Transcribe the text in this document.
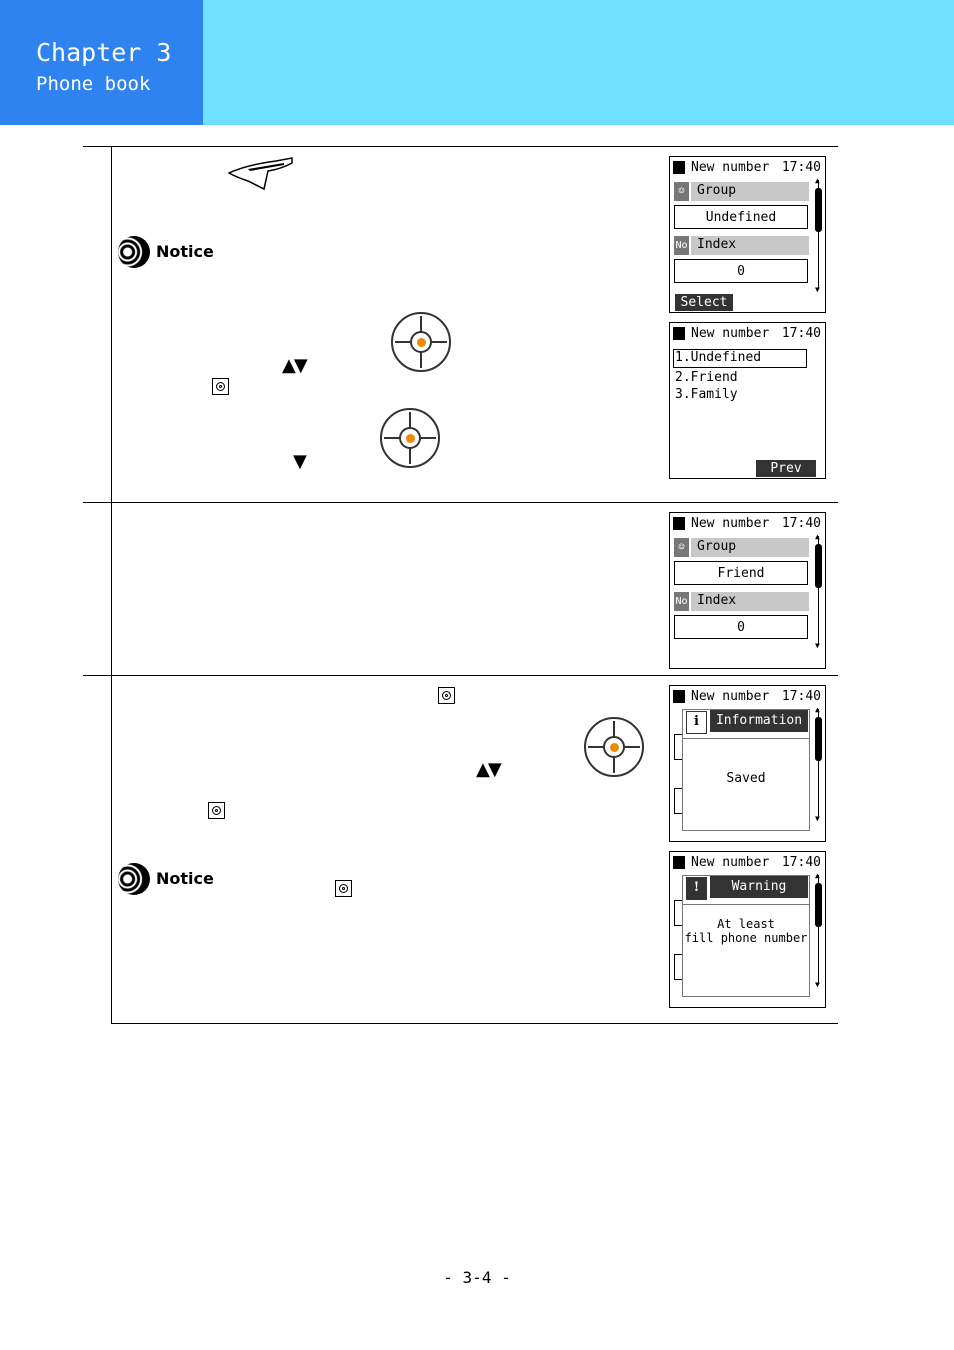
Chapter 3
Phone book
Notice
▲▼
▼
New number 17:40
☺ Group
Undefined
No Index
0
▲
▼
Select
New number 17:40
1.Undefined
2.Friend
3.Family
Prev
New number 17:40
☺ Group
Friend
No Index
0
▲
▼
▲▼
Notice
New number 17:40
▲
▼
i	Information
Saved
New number 17:40
▲
▼
!	Warning
At least
fill phone number
- 3-4 -
